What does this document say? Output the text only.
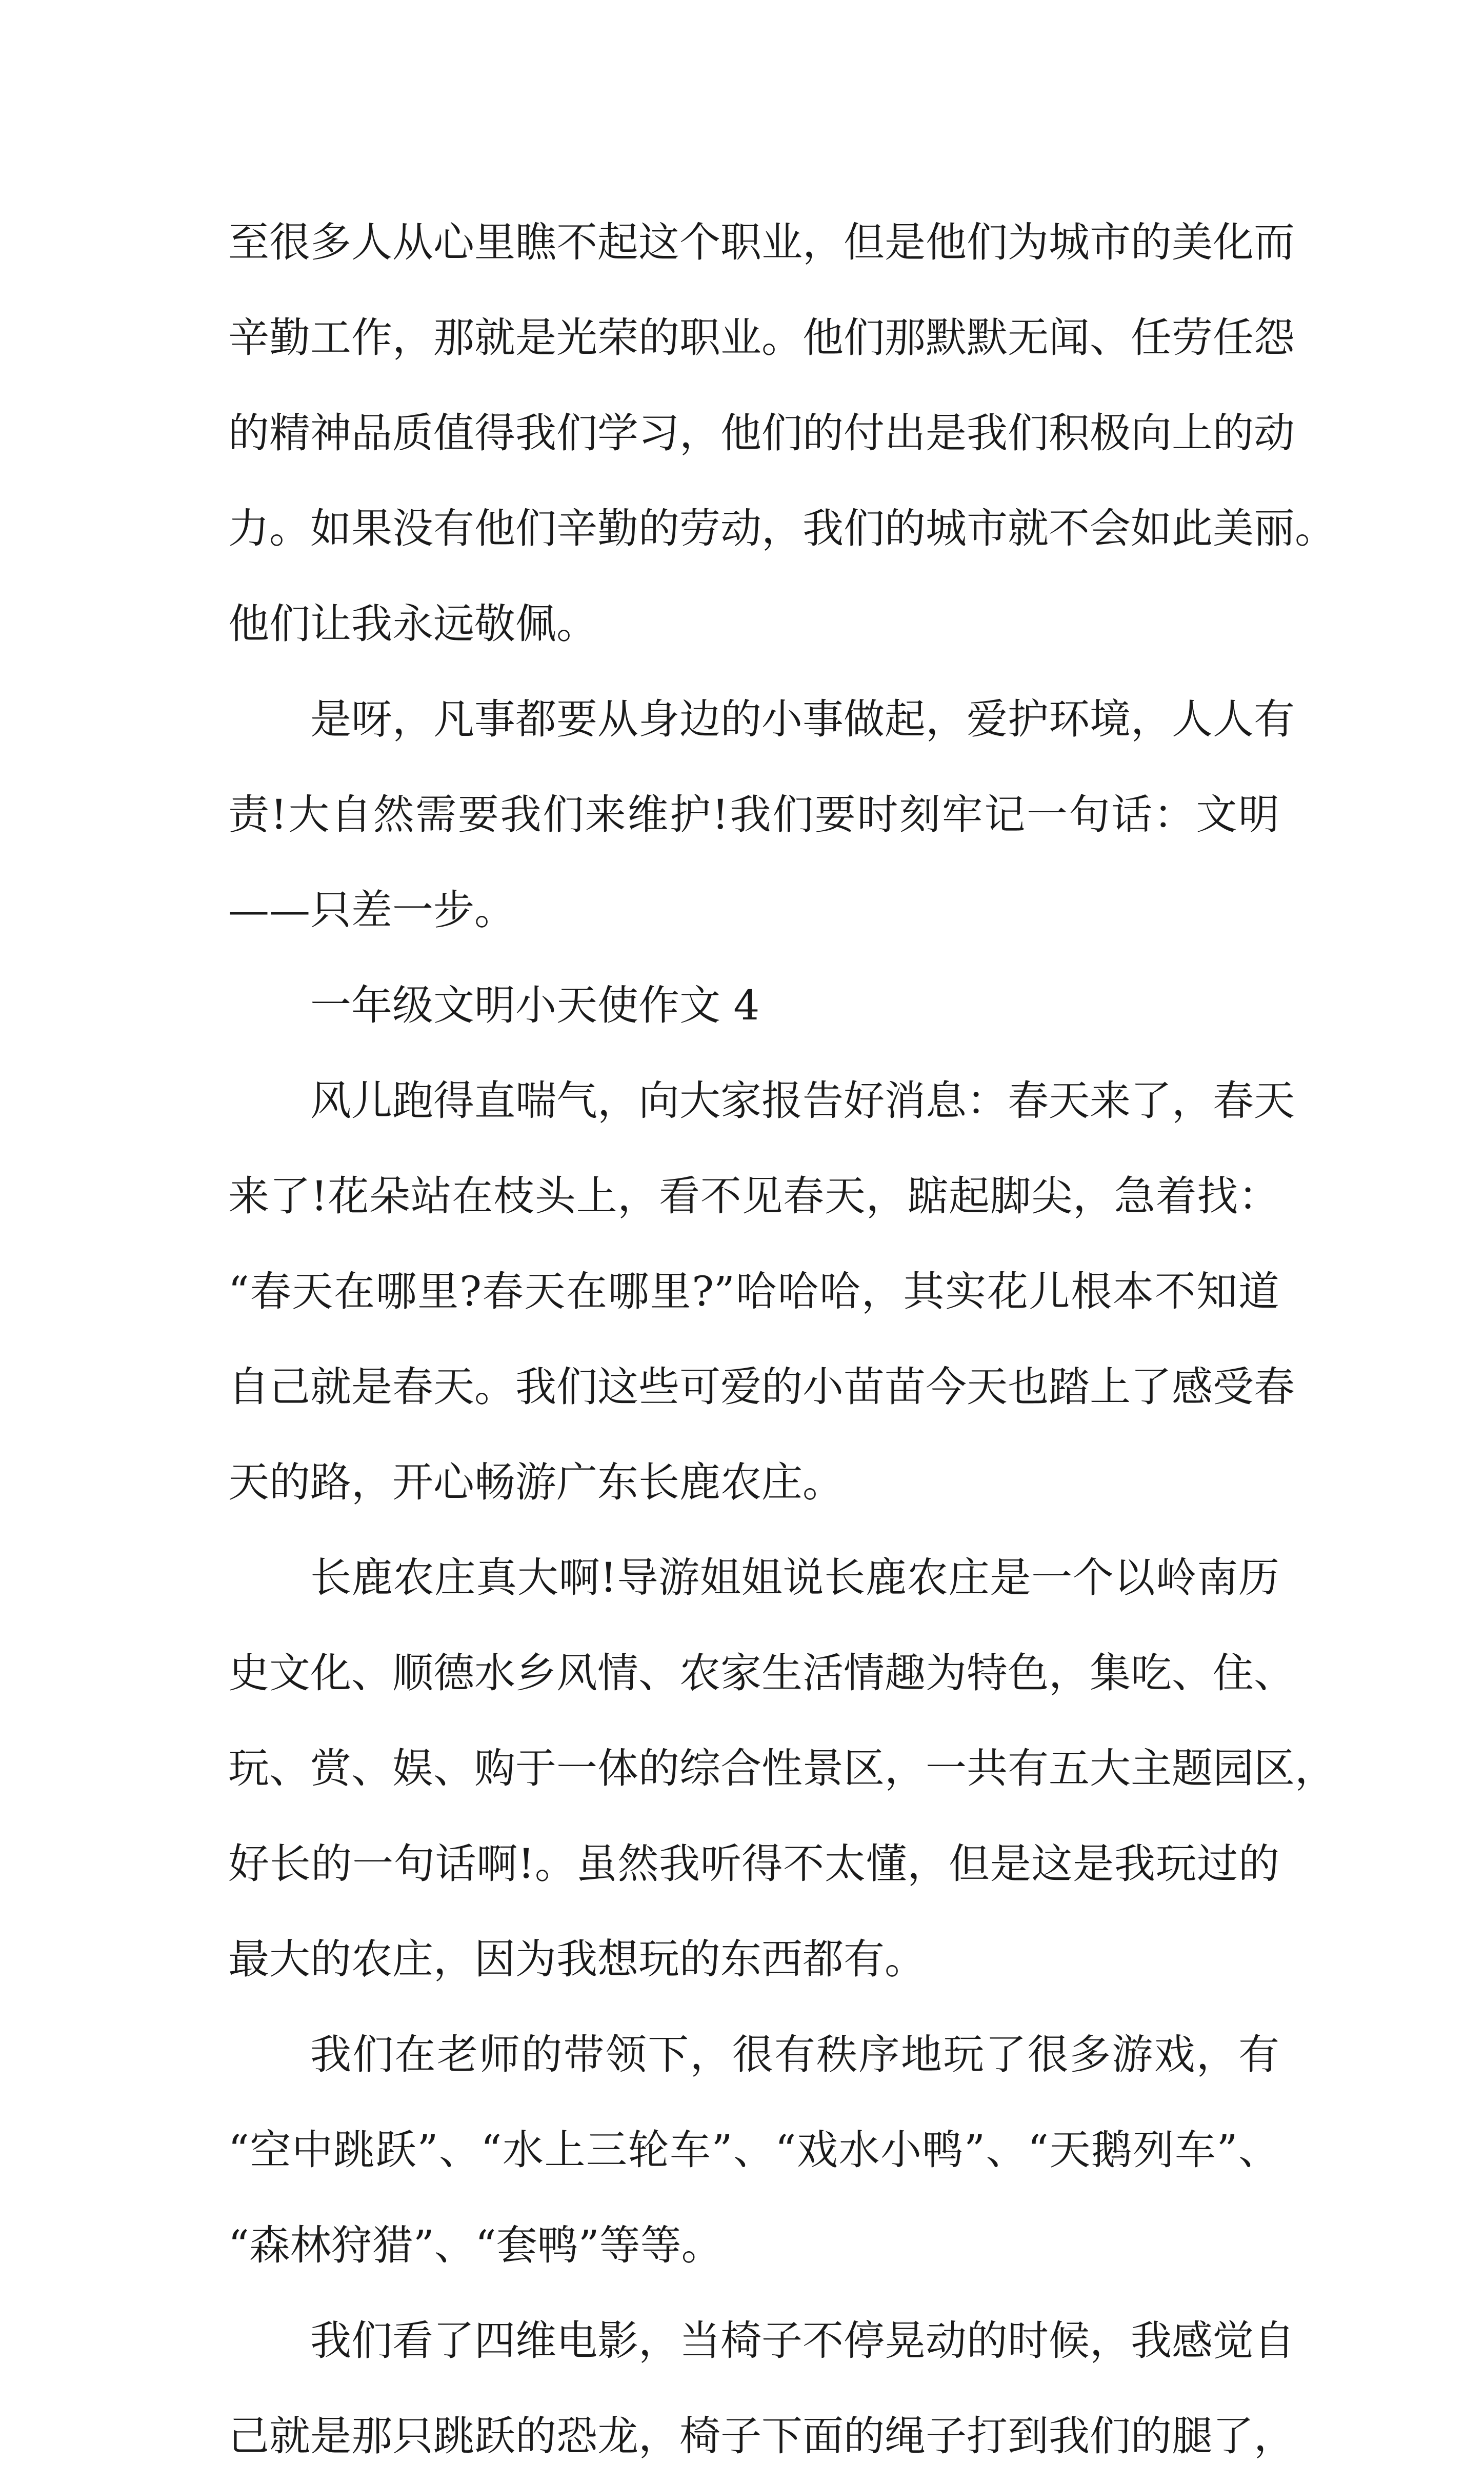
至很多人从心里瞧不起这个职业，但是他们为城市的美化而
辛勤工作，那就是光荣的职业。他们那默默无闻、任劳任怨
的精神品质值得我们学习，他们的付出是我们积极向上的动
力。如果没有他们辛勤的劳动，我们的城市就不会如此美丽。
他们让我永远敬佩。
是呀，凡事都要从身边的小事做起，爱护环境，人人有
责!大自然需要我们来维护!我们要时刻牢记一句话：文明
——只差一步。
一年级文明小天使作文 4
风儿跑得直喘气，向大家报告好消息：春天来了，春天
来了!花朵站在枝头上，看不见春天，踮起脚尖，急着找：
“春天在哪里?春天在哪里?”哈哈哈，其实花儿根本不知道
自己就是春天。我们这些可爱的小苗苗今天也踏上了感受春
天的路，开心畅游广东长鹿农庄。
长鹿农庄真大啊!导游姐姐说长鹿农庄是一个以岭南历
史文化、顺德水乡风情、农家生活情趣为特色，集吃、住、
玩、赏、娱、购于一体的综合性景区，一共有五大主题园区，
好长的一句话啊!。虽然我听得不太懂，但是这是我玩过的
最大的农庄，因为我想玩的东西都有。
我们在老师的带领下，很有秩序地玩了很多游戏，有
“空中跳跃”、“水上三轮车”、“戏水小鸭”、“天鹅列车”、
“森林狩猎”、“套鸭”等等。
我们看了四维电影，当椅子不停晃动的时候，我感觉自
己就是那只跳跃的恐龙，椅子下面的绳子打到我们的腿了，
